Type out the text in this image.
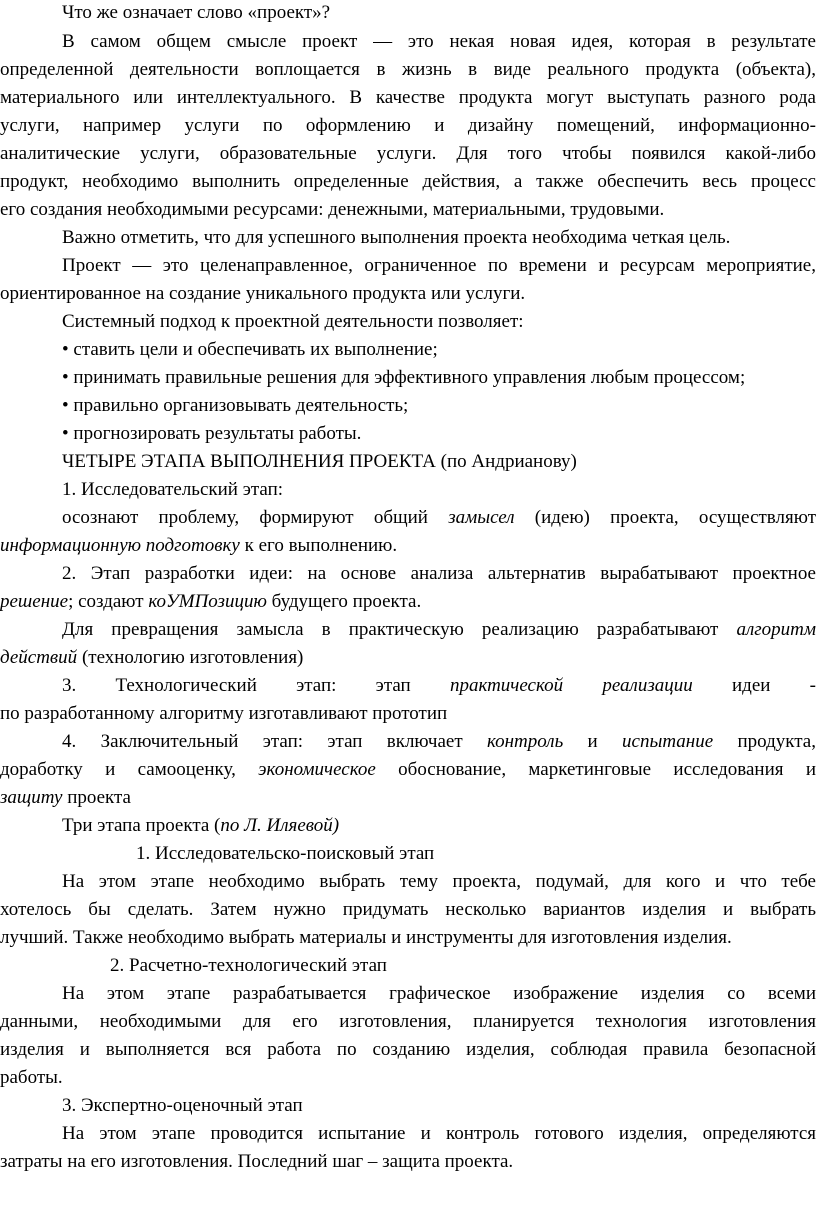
Что же означает слово «проект»?
В самом общем смысле проект — это некая новая идея, которая в результате
определенной деятельности воплощается в жизнь в виде реального продукта (объекта),
материального или интеллектуального. В качестве продукта могут выступать разного рода
услуги, например услуги по оформлению и дизайну помещений, информационно-
аналитические услуги, образовательные услуги. Для того чтобы появился какой-либо
продукт, необходимо выполнить определенные действия, а также обеспечить весь процесс
его создания необходимыми ресурсами: денежными, материальными, трудовыми.
Важно отметить, что для успешного выполнения проекта необходима четкая цель.
Проект — это целенаправленное, ограниченное по времени и ресурсам мероприятие,
ориентированное на создание уникального продукта или услуги.
Системный подход к проектной деятельности позволяет:
• ставить цели и обеспечивать их выполнение;
• принимать правильные решения для эффективного управления любым процессом;
• правильно организовывать деятельность;
• прогнозировать результаты работы.
ЧЕТЫРЕ ЭТАПА ВЫПОЛНЕНИЯ ПРОЕКТА (по Андрианову)
1. Исследовательский этап:
осознают проблему, формируют общий замысел (идею) проекта, осуществляют
информационную подготовку к его выполнению.
2. Этап разработки идеи: на основе анализа альтернатив вырабатывают проектное
решение; создают коУМПозицию будущего проекта.
Для превращения замысла в практическую реализацию разрабатывают алгоритм
действий (технологию изготовления)
3. Технологический этап: этап практической реализации идеи -
по разработанному алгоритму изготавливают прототип
4. Заключительный этап: этап включает контроль и испытание продукта,
доработку и самооценку, экономическое обоснование, маркетинговые исследования и
защиту проекта
Три этапа проекта (по Л. Иляевой)
1. Исследовательско-поисковый этап
На этом этапе необходимо выбрать тему проекта, подумай, для кого и что тебе
хотелось бы сделать. Затем нужно придумать несколько вариантов изделия и выбрать
лучший. Также необходимо выбрать материалы и инструменты для изготовления изделия.
2. Расчетно-технологический этап
На этом этапе разрабатывается графическое изображение изделия со всеми
данными, необходимыми для его изготовления, планируется технология изготовления
изделия и выполняется вся работа по созданию изделия, соблюдая правила безопасной
работы.
3. Экспертно-оценочный этап
На этом этапе проводится испытание и контроль готового изделия, определяются
затраты на его изготовления. Последний шаг – защита проекта.
